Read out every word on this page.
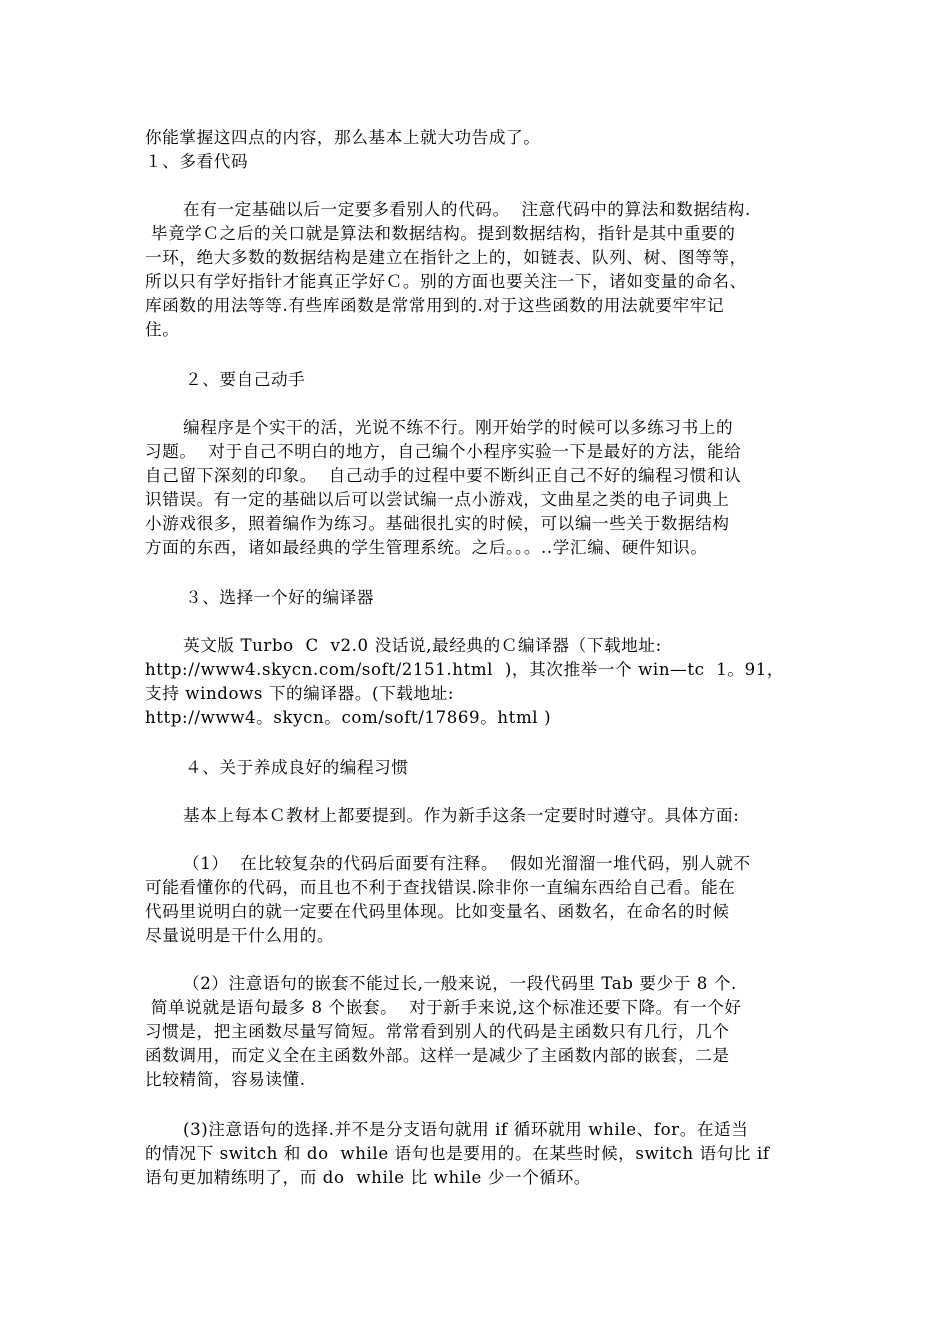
你能掌握这四点的内容，那么基本上就大功告成了。
１、多看代码
在有一定基础以后一定要多看别人的代码。  注意代码中的算法和数据结构.
毕竟学Ｃ之后的关口就是算法和数据结构。提到数据结构，指针是其中重要的
一环，绝大多数的数据结构是建立在指针之上的，如链表、队列、树、图等等，
所以只有学好指针才能真正学好Ｃ。别的方面也要关注一下，诸如变量的命名、
库函数的用法等等.有些库函数是常常用到的.对于这些函数的用法就要牢牢记
住。
２、要自己动手
编程序是个实干的活，光说不练不行。刚开始学的时候可以多练习书上的
习题。  对于自己不明白的地方，自己编个小程序实验一下是最好的方法，能给
自己留下深刻的印象。  自己动手的过程中要不断纠正自己不好的编程习惯和认
识错误。有一定的基础以后可以尝试编一点小游戏，文曲星之类的电子词典上
小游戏很多，照着编作为练习。基础很扎实的时候，可以编一些关于数据结构
方面的东西，诸如最经典的学生管理系统。之后。。。..学汇编、硬件知识。
３、选择一个好的编译器
英文版 Turbo  C  v2.0 没话说,最经典的Ｃ编译器（下载地址:
http://www4.skycn.com/soft/2151.html  )，其次推举一个 win—tc  1。91，
支持 windows 下的编译器。(下载地址:
http://www4。skycn。com/soft/17869。html )
４、关于养成良好的编程习惯
基本上每本Ｃ教材上都要提到。作为新手这条一定要时时遵守。具体方面:
（1）  在比较复杂的代码后面要有注释。  假如光溜溜一堆代码，别人就不
可能看懂你的代码，而且也不利于查找错误.除非你一直编东西给自己看。能在
代码里说明白的就一定要在代码里体现。比如变量名、函数名，在命名的时候
尽量说明是干什么用的。
（2）注意语句的嵌套不能过长,一般来说，一段代码里 Tab 要少于 8 个.
简单说就是语句最多 8 个嵌套。  对于新手来说,这个标准还要下降。有一个好
习惯是，把主函数尽量写简短。常常看到别人的代码是主函数只有几行，几个
函数调用，而定义全在主函数外部。这样一是减少了主函数内部的嵌套，二是
比较精简，容易读懂.
(3)注意语句的选择.并不是分支语句就用 if 循环就用 while、for。在适当
的情况下 switch 和 do  while 语句也是要用的。在某些时候，switch 语句比 if
语句更加精练明了，而 do  while 比 while 少一个循环。
